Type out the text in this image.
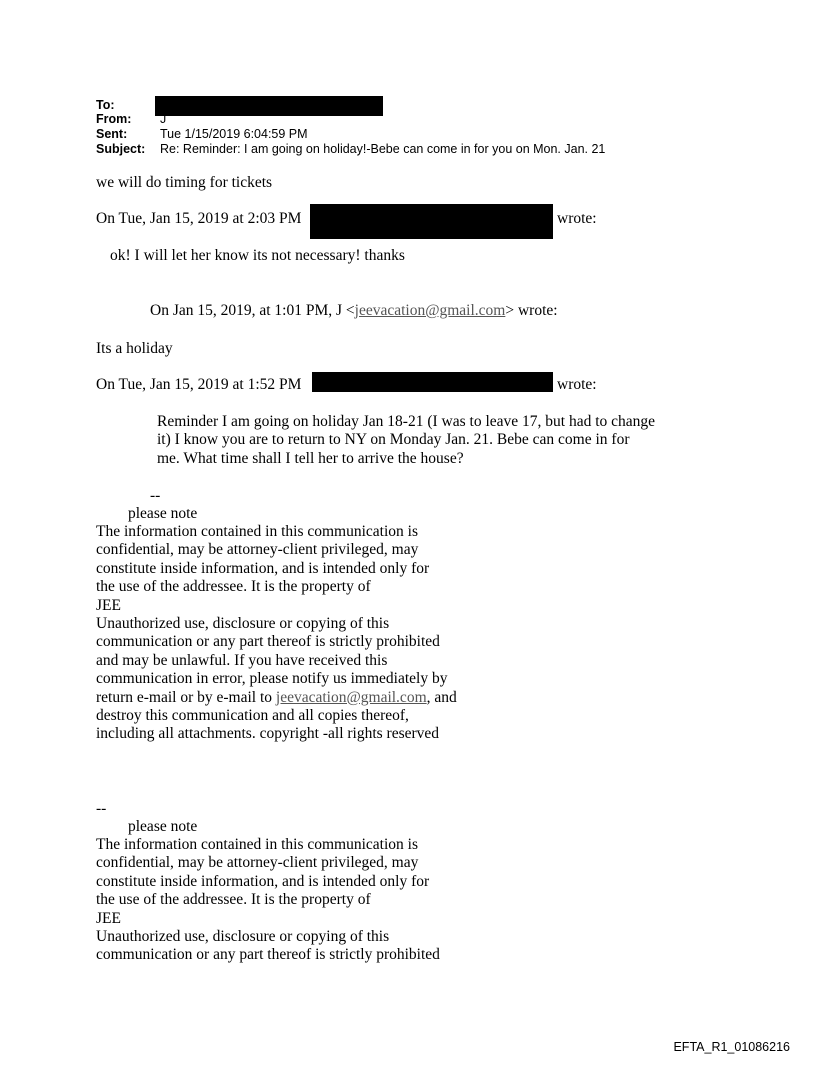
To:
From: J
Sent:	Tue 1/15/2019 6:04:59 PM
Subject: Re: Reminder: I am going on holiday!-Bebe can come in for you on Mon. Jan. 21
we will do timing for tickets
On Tue, Jan 15, 2019 at 2:03 PM	wrote:
ok! I will let her know its not necessary! thanks
On Jan 15, 2019, at 1:01 PM, J <jeevacation@gmail.com> wrote:
Its a holiday
On Tue, Jan 15, 2019 at 1:52 PM	wrote:
Reminder I am going on holiday Jan 18-21 (I was to leave 17, but had to change
it) I know you are to return to NY on Monday Jan. 21. Bebe can come in for
me. What time shall I tell her to arrive the house?
--
please note
The information contained in this communication is
confidential, may be attorney-client privileged, may
constitute inside information, and is intended only for
the use of the addressee. It is the property of
JEE
Unauthorized use, disclosure or copying of this
communication or any part thereof is strictly prohibited
and may be unlawful. If you have received this
communication in error, please notify us immediately by
return e-mail or by e-mail to jeevacation@gmail.com, and
destroy this communication and all copies thereof,
including all attachments. copyright -all rights reserved
--
please note
The information contained in this communication is
confidential, may be attorney-client privileged, may
constitute inside information, and is intended only for
the use of the addressee. It is the property of
JEE
Unauthorized use, disclosure or copying of this
communication or any part thereof is strictly prohibited
EFTA_R1_01086216
